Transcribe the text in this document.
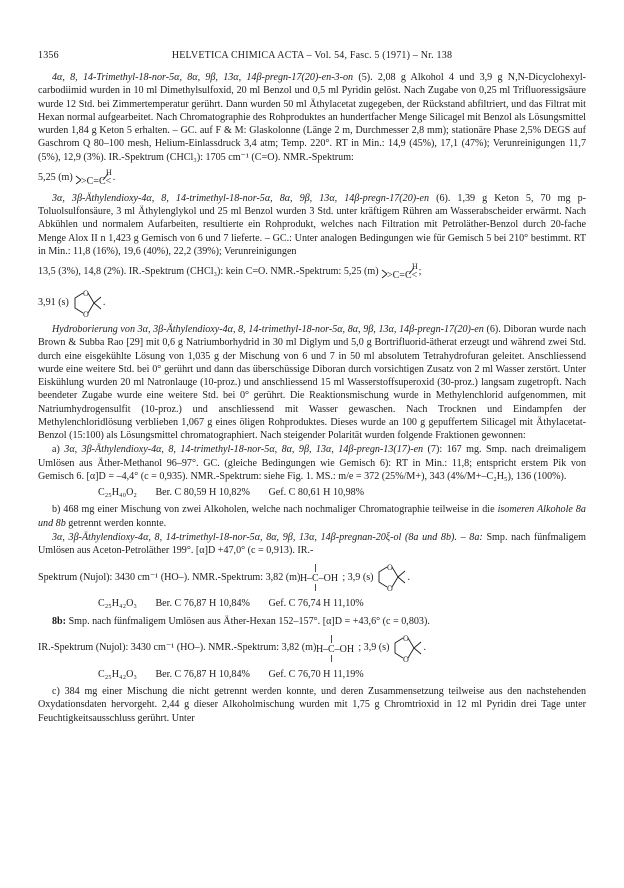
1356	HELVETICA CHIMICA ACTA – Vol. 54, Fasc. 5 (1971) – Nr. 138

4α, 8, 14-Trimethyl-18-nor-5α, 8α, 9β, 13α, 14β-pregn-17(20)-en-3-on (5). 2,08 g Alkohol 4 und 3,9 g N,N-Dicyclohexyl-carbodiimid wurden in 10 ml Dimethylsulfoxid, 20 ml Benzol und 0,5 ml Pyridin gelöst. Nach Zugabe von 0,25 ml Trifluoressigsäure wurde 12 Std. bei Zimmertemperatur gerührt. Dann wurden 50 ml Äthylacetat zugegeben, der Rückstand abfiltriert, und das Filtrat mit Hexan normal aufgearbeitet. Nach Chromatographie des Rohproduktes an hundertfacher Menge Silicagel mit Benzol als Lösungsmittel wurden 1,84 g Keton 5 erhalten. – GC. auf F & M: Glaskolonne (Länge 2 m, Durchmesser 2,8 mm); stationäre Phase 2,5% DEGS auf Gaschrom Q 80–100 mesh, Helium-Einlassdruck 3,4 atm; Temp. 220°. RT in Min.: 14,9 (45%), 17,1 (47%); Verunreinigungen 11,7 (5%), 12,9 (3%). IR.-Spektrum (CHCl₃): 1705 cm⁻¹ (C=O). NMR.-Spektrum:

5,25 (m) >C=C<
H .

3α, 3β-Äthylendioxy-4α, 8, 14-trimethyl-18-nor-5α, 8α, 9β, 13α, 14β-pregn-17(20)-en (6). 1,39 g Keton 5, 70 mg p-Toluolsulfonsäure, 3 ml Äthylenglykol und 25 ml Benzol wurden 3 Std. unter kräftigem Rühren am Wasserabscheider erwärmt. Nach Abkühlen und normalem Aufarbeiten, resultierte ein Rohprodukt, welches nach Filtration mit Petroläther-Benzol durch 20-fache Menge Alox II n 1,423 g Gemisch von 6 und 7 lieferte. – GC.: Unter analogen Bedingungen wie für Gemisch 5 bei 210° bestimmt. RT in Min.: 11,8 (16%), 19,6 (40%), 22,2 (39%); Verunreinigungen

13,5 (3%), 14,8 (2%). IR.-Spektrum (CHCl₃): kein C=O. NMR.-Spektrum: 5,25 (m) >C=C<
H ;
3,91 (s)
O
O
.

Hydroborierung von 3α, 3β-Äthylendioxy-4α, 8, 14-trimethyl-18-nor-5α, 8α, 9β, 13α, 14β-pregn-17(20)-en (6). Diboran wurde nach Brown & Subba Rao [29] mit 0,6 g Natriumborhydrid in 30 ml Diglym und 5,0 g Bortrifluorid-ätherat erzeugt und während zwei Std. durch eine eisgekühlte Lösung von 1,035 g der Mischung von 6 und 7 in 50 ml absolutem Tetrahydrofuran geleitet. Anschliessend wurde eine weitere Std. bei 0° gerührt und dann das überschüssige Diboran durch vorsichtigen Zusatz von 2 ml Wasser zerstört. Unter Eiskühlung wurden 20 ml Natronlauge (10-proz.) und anschliessend 15 ml Wasserstoffsuperoxid (30-proz.) langsam zugetropft. Nach beendeter Zugabe wurde eine weitere Std. bei 0° gerührt. Die Reaktionsmischung wurde in Methylenchlorid aufgenommen, mit Natriumhydrogensulfit (10-proz.) und anschliessend mit Wasser gewaschen. Nach Trocknen und Eindampfen der Methylenchloridlösung verblieben 1,067 g eines öligen Rohproduktes. Dieses wurde an 100 g gepuffertem Silicagel mit Äthylacetat-Benzol (15:100) als Lösungsmittel chromatographiert. Nach steigender Polarität wurden folgende Fraktionen gewonnen:

a) 3α, 3β-Äthylendioxy-4α, 8, 14-trimethyl-18-nor-5α, 8α, 9β, 13α, 14β-pregn-13(17)-en (7): 167 mg. Smp. nach dreimaligem Umlösen aus Äther-Methanol 96–97°. GC. (gleiche Bedingungen wie Gemisch 6): RT in Min.: 11,8; entspricht erstem Pik von Gemisch 6. [α]D = –4,4° (c = 0,935). NMR.-Spektrum: siehe Fig. 1. MS.: m/e = 372 (25%/M+), 343 (4%/M+–C₂H₅), 136 (100%).

C₂₅H₄₀O₂ Ber. C 80,59 H 10,82% Gef. C 80,61 H 10,98%

b) 468 mg einer Mischung von zwei Alkoholen, welche nach nochmaliger Chromatographie teilweise in die isomeren Alkohole 8a und 8b getrennt werden konnte.

3α, 3β-Äthylendioxy-4α, 8, 14-trimethyl-18-nor-5α, 8α, 9β, 13α, 14β-pregnan-20ξ-ol (8a und 8b). – 8a: Smp. nach fünfmaligem Umlösen aus Aceton-Petroläther 199°. [α]D +47,0° (c = 0,913). IR.-

Spektrum (Nujol): 3430 cm⁻¹ (HO–). NMR.-Spektrum: 3,82 (m) H –C–OH ; 3,9 (s)
O
O
.
C₂₅H₄₂O₃ Ber. C 76,87 H 10,84% Gef. C 76,74 H 11,10%

8b: Smp. nach fünfmaligem Umlösen aus Äther-Hexan 152–157°. [α]D = +43,6° (c = 0,803).

IR.-Spektrum (Nujol): 3430 cm⁻¹ (HO–). NMR.-Spektrum: 3,82 (m) H –C–OH ; 3,9 (s)
O
O
.
C₂₅H₄₂O₃ Ber. C 76,87 H 10,84% Gef. C 76,70 H 11,19%

c) 384 mg einer Mischung die nicht getrennt werden konnte, und deren Zusammensetzung teilweise aus den nachstehenden Oxydationsdaten hervorgeht. 2,44 g dieser Alkoholmischung wurden mit 1,75 g Chromtrioxid in 12 ml Pyridin drei Tage unter Feuchtigkeitsausschluss gerührt. Unter
